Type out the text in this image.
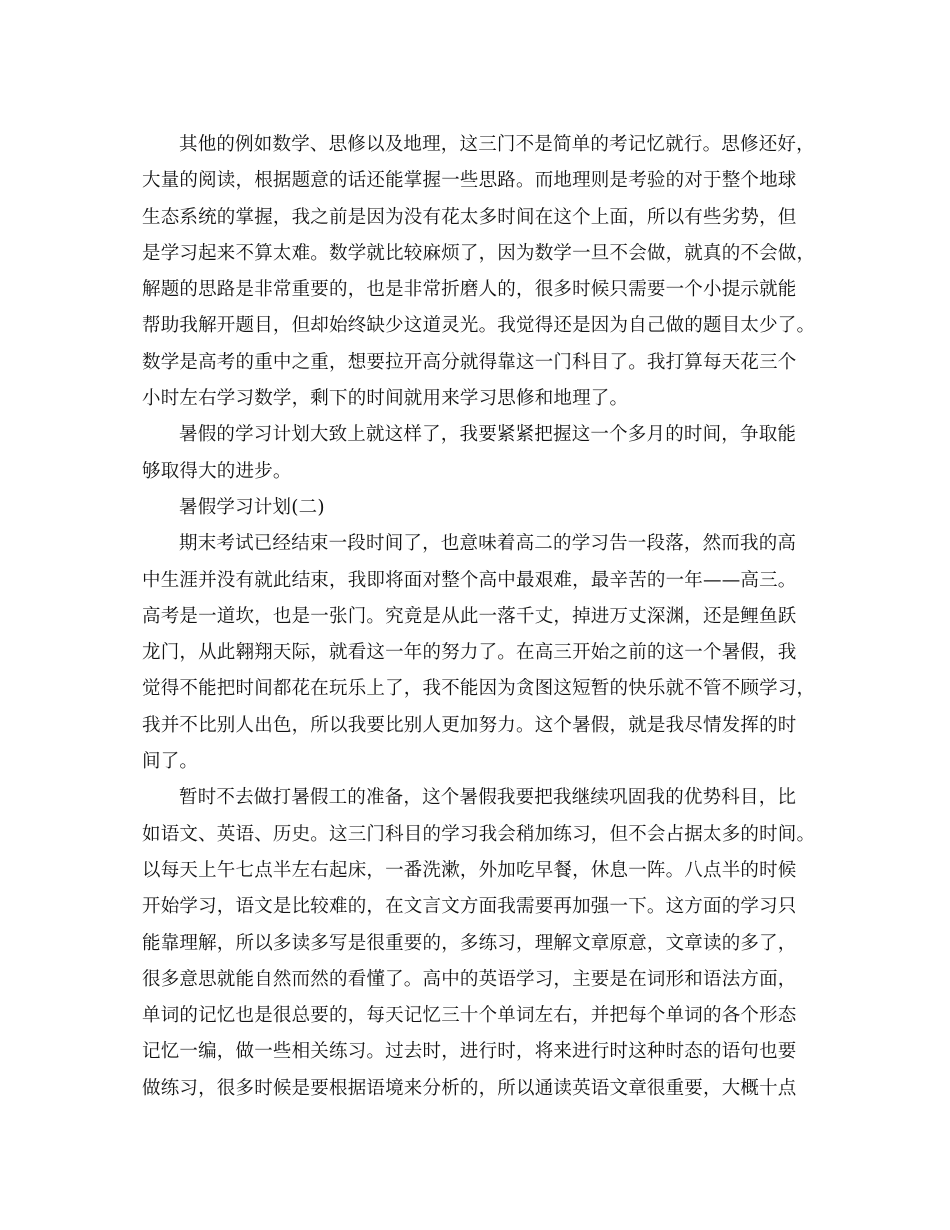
其他的例如数学、思修以及地理，这三门不是简单的考记忆就行。思修还好，
大量的阅读，根据题意的话还能掌握一些思路。而地理则是考验的对于整个地球
生态系统的掌握，我之前是因为没有花太多时间在这个上面，所以有些劣势，但
是学习起来不算太难。数学就比较麻烦了，因为数学一旦不会做，就真的不会做，
解题的思路是非常重要的，也是非常折磨人的，很多时候只需要一个小提示就能
帮助我解开题目，但却始终缺少这道灵光。我觉得还是因为自己做的题目太少了。
数学是高考的重中之重，想要拉开高分就得靠这一门科目了。我打算每天花三个
小时左右学习数学，剩下的时间就用来学习思修和地理了。
暑假的学习计划大致上就这样了，我要紧紧把握这一个多月的时间，争取能
够取得大的进步。
暑假学习计划(二)
期末考试已经结束一段时间了，也意味着高二的学习告一段落，然而我的高
中生涯并没有就此结束，我即将面对整个高中最艰难，最辛苦的一年——高三。
高考是一道坎，也是一张门。究竟是从此一落千丈，掉进万丈深渊，还是鲤鱼跃
龙门，从此翱翔天际，就看这一年的努力了。在高三开始之前的这一个暑假，我
觉得不能把时间都花在玩乐上了，我不能因为贪图这短暂的快乐就不管不顾学习，
我并不比别人出色，所以我要比别人更加努力。这个暑假，就是我尽情发挥的时
间了。
暂时不去做打暑假工的准备，这个暑假我要把我继续巩固我的优势科目，比
如语文、英语、历史。这三门科目的学习我会稍加练习，但不会占据太多的时间。
以每天上午七点半左右起床，一番洗漱，外加吃早餐，休息一阵。八点半的时候
开始学习，语文是比较难的，在文言文方面我需要再加强一下。这方面的学习只
能靠理解，所以多读多写是很重要的，多练习，理解文章原意，文章读的多了，
很多意思就能自然而然的看懂了。高中的英语学习，主要是在词形和语法方面，
单词的记忆也是很总要的，每天记忆三十个单词左右，并把每个单词的各个形态
记忆一编，做一些相关练习。过去时，进行时，将来进行时这种时态的语句也要
做练习，很多时候是要根据语境来分析的，所以通读英语文章很重要，大概十点
